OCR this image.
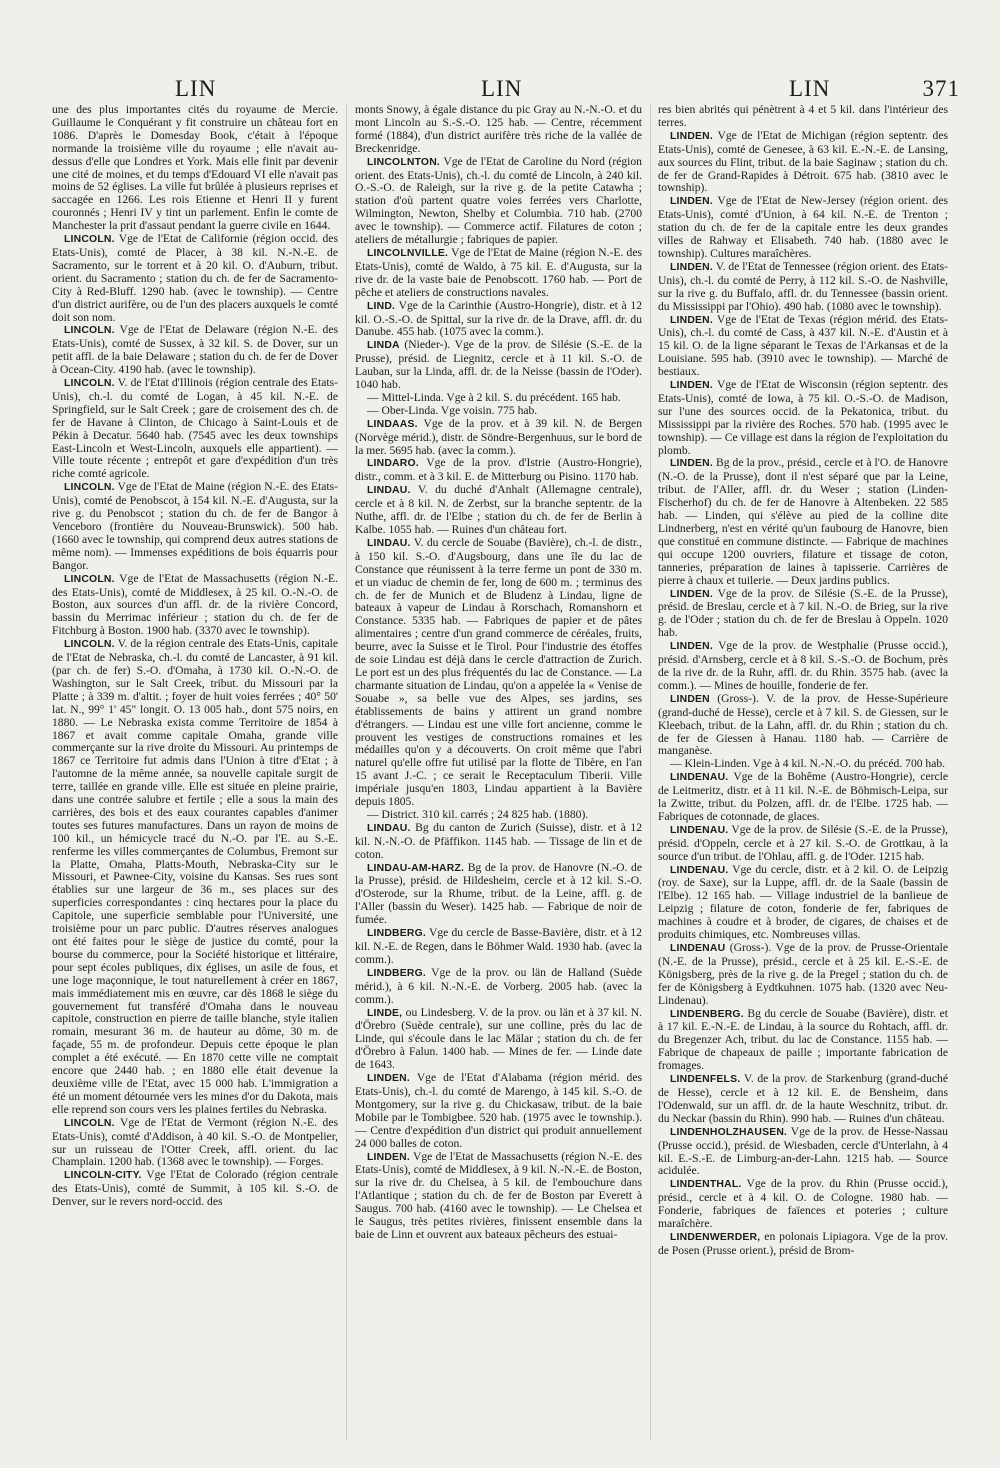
LIN	LIN	LIN	371

une des plus importantes cités du royaume de Mercie. Guillaume le Conquérant y fit construire un château fort en 1086. D'après le Domesday Book, c'était à l'époque normande la troisième ville du royaume ; elle n'avait au-dessus d'elle que Londres et York. Mais elle finit par devenir une cité de moines, et du temps d'Edouard VI elle n'avait pas moins de 52 églises. La ville fut brûlée à plusieurs reprises et saccagée en 1266. Les rois Etienne et Henri II y furent couronnés ; Henri IV y tint un parlement. Enfin le comte de Manchester la prit d'assaut pendant la guerre civile en 1644.

LINCOLN. Vge de l'Etat de Californie (région occid. des Etats-Unis), comté de Placer, à 38 kil. N.-N.-E. de Sacramento, sur le torrent et à 20 kil. O. d'Auburn, tribut. orient. du Sacramento ; station du ch. de fer de Sacramento-City à Red-Bluff. 1290 hab. (avec le township). — Centre d'un district aurifère, ou de l'un des placers auxquels le comté doit son nom.

LINCOLN. Vge de l'Etat de Delaware (région N.-E. des Etats-Unis), comté de Sussex, à 32 kil. S. de Dover, sur un petit affl. de la baie Delaware ; station du ch. de fer de Dover à Ocean-City. 4190 hab. (avec le township).

LINCOLN. V. de l'Etat d'Illinois (région centrale des Etats-Unis), ch.-l. du comté de Logan, à 45 kil. N.-E. de Springfield, sur le Salt Creek ; gare de croisement des ch. de fer de Havane à Clinton, de Chicago à Saint-Louis et de Pékin à Decatur. 5640 hab. (7545 avec les deux townships East-Lincoln et West-Lincoln, auxquels elle appartient). — Ville toute récente ; entrepôt et gare d'expédition d'un très riche comté agricole.

LINCOLN. Vge de l'Etat de Maine (région N.-E. des Etats-Unis), comté de Penobscot, à 154 kil. N.-E. d'Augusta, sur la rive g. du Penobscot ; station du ch. de fer de Bangor à Venceboro (frontière du Nouveau-Brunswick). 500 hab. (1660 avec le township, qui comprend deux autres stations de même nom). — Immenses expéditions de bois équarris pour Bangor.

LINCOLN. Vge de l'Etat de Massachusetts (région N.-E. des Etats-Unis), comté de Middlesex, à 25 kil. O.-N.-O. de Boston, aux sources d'un affl. dr. de la rivière Concord, bassin du Merrimac inférieur ; station du ch. de fer de Fitchburg à Boston. 1900 hab. (3370 avec le township).

LINCOLN. V. de la région centrale des Etats-Unis, capitale de l'Etat de Nebraska, ch.-l. du comté de Lancaster, à 91 kil. (par ch. de fer) S.-O. d'Omaha, à 1730 kil. O.-N.-O. de Washington, sur le Salt Creek, tribut. du Missouri par la Platte ; à 339 m. d'altit. ; foyer de huit voies ferrées ; 40° 50' lat. N., 99° 1' 45" longit. O. 13 005 hab., dont 575 noirs, en 1880. — Le Nebraska exista comme Territoire de 1854 à 1867 et avait comme capitale Omaha, grande ville commerçante sur la rive droite du Missouri. Au printemps de 1867 ce Territoire fut admis dans l'Union à titre d'Etat ; à l'automne de la même année, sa nouvelle capitale surgit de terre, taillée en grande ville. Elle est située en pleine prairie, dans une contrée salubre et fertile ; elle a sous la main des carrières, des bois et des eaux courantes capables d'animer toutes ses futures manufactures. Dans un rayon de moins de 100 kil., un hémicycle tracé du N.-O. par l'E. au S.-E. renferme les villes commerçantes de Columbus, Fremont sur la Platte, Omaha, Platts-Mouth, Nebraska-City sur le Missouri, et Pawnee-City, voisine du Kansas. Ses rues sont établies sur une largeur de 36 m., ses places sur des superficies correspondantes : cinq hectares pour la place du Capitole, une superficie semblable pour l'Université, une troisième pour un parc public. D'autres réserves analogues ont été faites pour le siège de justice du comté, pour la bourse du commerce, pour la Société historique et littéraire, pour sept écoles publiques, dix églises, un asile de fous, et une loge maçonnique, le tout naturellement à créer en 1867, mais immédiatement mis en œuvre, car dès 1868 le siège du gouvernement fut transféré d'Omaha dans le nouveau capitole, construction en pierre de taille blanche, style italien romain, mesurant 36 m. de hauteur au dôme, 30 m. de façade, 55 m. de profondeur. Depuis cette époque le plan complet a été exécuté. — En 1870 cette ville ne comptait encore que 2440 hab. ; en 1880 elle était devenue la deuxième ville de l'Etat, avec 15 000 hab. L'immigration a été un moment détournée vers les mines d'or du Dakota, mais elle reprend son cours vers les plaines fertiles du Nebraska.

LINCOLN. Vge de l'Etat de Vermont (région N.-E. des Etats-Unis), comté d'Addison, à 40 kil. S.-O. de Montpelier, sur un ruisseau de l'Otter Creek, affl. orient. du lac Champlain. 1200 hab. (1368 avec le township). — Forges.

LINCOLN-CITY. Vge l'Etat de Colorado (région centrale des Etats-Unis), comté de Summit, à 105 kil. S.-O. de Denver, sur le revers nord-occid. des

monts Snowy, à égale distance du pic Gray au N.-N.-O. et du mont Lincoln au S.-S.-O. 125 hab. — Centre, récemment formé (1884), d'un district aurifère très riche de la vallée de Breckenridge.

LINCOLNTON. Vge de l'Etat de Caroline du Nord (région orient. des Etats-Unis), ch.-l. du comté de Lincoln, à 240 kil. O.-S.-O. de Raleigh, sur la rive g. de la petite Catawha ; station d'où partent quatre voies ferrées vers Charlotte, Wilmington, Newton, Shelby et Columbia. 710 hab. (2700 avec le township). — Commerce actif. Filatures de coton ; ateliers de métallurgie ; fabriques de papier.

LINCOLNVILLE. Vge de l'Etat de Maine (région N.-E. des Etats-Unis), comté de Waldo, à 75 kil. E. d'Augusta, sur la rive dr. de la vaste baie de Penobscott. 1760 hab. — Port de pêche et ateliers de constructions navales.

LIND. Vge de la Carinthie (Austro-Hongrie), distr. et à 12 kil. O.-S.-O. de Spittal, sur la rive dr. de la Drave, affl. dr. du Danube. 455 hab. (1075 avec la comm.).

LINDA (Nieder-). Vge de la prov. de Silésie (S.-E. de la Prusse), présid. de Liegnitz, cercle et à 11 kil. S.-O. de Lauban, sur la Linda, affl. dr. de la Neisse (bassin de l'Oder). 1040 hab.

— Mittel-Linda. Vge à 2 kil. S. du précédent. 165 hab.

— Ober-Linda. Vge voisin. 775 hab.

LINDAAS. Vge de la prov. et à 39 kil. N. de Bergen (Norvège mérid.), distr. de Söndre-Bergenhuus, sur le bord de la mer. 5695 hab. (avec la comm.).

LINDARO. Vge de la prov. d'Istrie (Austro-Hongrie), distr., comm. et à 3 kil. E. de Mitterburg ou Pisino. 1170 hab.

LINDAU. V. du duché d'Anhalt (Allemagne centrale), cercle et à 8 kil. N. de Zerbst, sur la branche septentr. de la Nuthe, affl. dr. de l'Elbe ; station du ch. de fer de Berlin à Kalbe. 1055 hab. — Ruines d'un château fort.

LINDAU. V. du cercle de Souabe (Bavière), ch.-l. de distr., à 150 kil. S.-O. d'Augsbourg, dans une île du lac de Constance que réunissent à la terre ferme un pont de 330 m. et un viaduc de chemin de fer, long de 600 m. ; terminus des ch. de fer de Munich et de Bludenz à Lindau, ligne de bateaux à vapeur de Lindau à Rorschach, Romanshorn et Constance. 5335 hab. — Fabriques de papier et de pâtes alimentaires ; centre d'un grand commerce de céréales, fruits, beurre, avec la Suisse et le Tirol. Pour l'industrie des étoffes de soie Lindau est déjà dans le cercle d'attraction de Zurich. Le port est un des plus fréquentés du lac de Constance. — La charmante situation de Lindau, qu'on a appelée la « Venise de Souabe », sa belle vue des Alpes, ses jardins, ses établissements de bains y attirent un grand nombre d'étrangers. — Lindau est une ville fort ancienne, comme le prouvent les vestiges de constructions romaines et les médailles qu'on y a découverts. On croit même que l'abri naturel qu'elle offre fut utilisé par la flotte de Tibère, en l'an 15 avant J.-C. ; ce serait le Receptaculum Tiberii. Ville impériale jusqu'en 1803, Lindau appartient à la Bavière depuis 1805.

— District. 310 kil. carrés ; 24 825 hab. (1880).

LINDAU. Bg du canton de Zurich (Suisse), distr. et à 12 kil. N.-N.-O. de Pfäffikon. 1145 hab. — Tissage de lin et de coton.

LINDAU-AM-HARZ. Bg de la prov. de Hanovre (N.-O. de la Prusse), présid. de Hildesheim, cercle et à 12 kil. S.-O. d'Osterode, sur la Rhume, tribut. de la Leine, affl. g. de l'Aller (bassin du Weser). 1425 hab. — Fabrique de noir de fumée.

LINDBERG. Vge du cercle de Basse-Bavière, distr. et à 12 kil. N.-E. de Regen, dans le Böhmer Wald. 1930 hab. (avec la comm.).

LINDBERG. Vge de la prov. ou län de Halland (Suède mérid.), à 6 kil. N.-N.-E. de Vorberg. 2005 hab. (avec la comm.).

LINDE, ou Lindesberg. V. de la prov. ou län et à 37 kil. N. d'Örebro (Suède centrale), sur une colline, près du lac de Linde, qui s'écoule dans le lac Mälar ; station du ch. de fer d'Örebro à Falun. 1400 hab. — Mines de fer. — Linde date de 1643.

LINDEN. Vge de l'Etat d'Alabama (région mérid. des Etats-Unis), ch.-l. du comté de Marengo, à 145 kil. S.-O. de Montgomery, sur la rive g. du Chickasaw, tribut. de la baie Mobile par le Tombigbee. 520 hab. (1975 avec le township.). — Centre d'expédition d'un district qui produit annuellement 24 000 balles de coton.

LINDEN. Vge de l'Etat de Massachusetts (région N.-E. des Etats-Unis), comté de Middlesex, à 9 kil. N.-N.-E. de Boston, sur la rive dr. du Chelsea, à 5 kil. de l'embouchure dans l'Atlantique ; station du ch. de fer de Boston par Everett à Saugus. 700 hab. (4160 avec le township). — Le Chelsea et le Saugus, très petites rivières, finissent ensemble dans la baie de Linn et ouvrent aux bateaux pêcheurs des estuai-

res bien abrités qui pénètrent à 4 et 5 kil. dans l'intérieur des terres.

LINDEN. Vge de l'Etat de Michigan (région septentr. des Etats-Unis), comté de Genesee, à 63 kil. E.-N.-E. de Lansing, aux sources du Flint, tribut. de la baie Saginaw ; station du ch. de fer de Grand-Rapides à Détroit. 675 hab. (3810 avec le township).

LINDEN. Vge de l'Etat de New-Jersey (région orient. des Etats-Unis), comté d'Union, à 64 kil. N.-E. de Trenton ; station du ch. de fer de la capitale entre les deux grandes villes de Rahway et Elisabeth. 740 hab. (1880 avec le township). Cultures maraîchères.

LINDEN. V. de l'Etat de Tennessee (région orient. des Etats-Unis), ch.-l. du comté de Perry, à 112 kil. S.-O. de Nashville, sur la rive g. du Buffalo, affl. dr. du Tennessee (bassin orient. du Mississippi par l'Ohio). 490 hab. (1080 avec le township).

LINDEN. Vge de l'Etat de Texas (région mérid. des Etats-Unis), ch.-l. du comté de Cass, à 437 kil. N.-E. d'Austin et à 15 kil. O. de la ligne séparant le Texas de l'Arkansas et de la Louisiane. 595 hab. (3910 avec le township). — Marché de bestiaux.

LINDEN. Vge de l'Etat de Wisconsin (région septentr. des Etats-Unis), comté de Iowa, à 75 kil. O.-S.-O. de Madison, sur l'une des sources occid. de la Pekatonica, tribut. du Mississippi par la rivière des Roches. 570 hab. (1995 avec le township). — Ce village est dans la région de l'exploitation du plomb.

LINDEN. Bg de la prov., présid., cercle et à l'O. de Hanovre (N.-O. de la Prusse), dont il n'est séparé que par la Leine, tribut. de l'Aller, affl. dr. du Weser ; station (Linden-Fischerhof) du ch. de fer de Hanovre à Altenbeken. 22 585 hab. — Linden, qui s'élève au pied de la colline dite Lindnerberg, n'est en vérité qu'un faubourg de Hanovre, bien que constitué en commune distincte. — Fabrique de machines qui occupe 1200 ouvriers, filature et tissage de coton, tanneries, préparation de laines à tapisserie. Carrières de pierre à chaux et tuilerie. — Deux jardins publics.

LINDEN. Vge de la prov. de Silésie (S.-E. de la Prusse), présid. de Breslau, cercle et à 7 kil. N.-O. de Brieg, sur la rive g. de l'Oder ; station du ch. de fer de Breslau à Oppeln. 1020 hab.

LINDEN. Vge de la prov. de Westphalie (Prusse occid.), présid. d'Arnsberg, cercle et à 8 kil. S.-S.-O. de Bochum, près de la rive dr. de la Ruhr, affl. dr. du Rhin. 3575 hab. (avec la comm.). — Mines de houille, fonderie de fer.

LINDEN (Gross-). V. de la prov. de Hesse-Supérieure (grand-duché de Hesse), cercle et à 7 kil. S. de Giessen, sur le Kleebach, tribut. de la Lahn, affl. dr. du Rhin ; station du ch. de fer de Giessen à Hanau. 1180 hab. — Carrière de manganèse.

— Klein-Linden. Vge à 4 kil. N.-N.-O. du précéd. 700 hab.

LINDENAU. Vge de la Bohême (Austro-Hongrie), cercle de Leitmeritz, distr. et à 11 kil. N.-E. de Böhmisch-Leipa, sur la Zwitte, tribut. du Polzen, affl. dr. de l'Elbe. 1725 hab. — Fabriques de cotonnade, de glaces.

LINDENAU. Vge de la prov. de Silésie (S.-E. de la Prusse), présid. d'Oppeln, cercle et à 27 kil. S.-O. de Grottkau, à la source d'un tribut. de l'Ohlau, affl. g. de l'Oder. 1215 hab.

LINDENAU. Vge du cercle, distr. et à 2 kil. O. de Leipzig (roy. de Saxe), sur la Luppe, affl. dr. de la Saale (bassin de l'Elbe). 12 165 hab. — Village industriel de la banlieue de Leipzig ; filature de coton, fonderie de fer, fabriques de machines à coudre et à broder, de cigares, de chaises et de produits chimiques, etc. Nombreuses villas.

LINDENAU (Gross-). Vge de la prov. de Prusse-Orientale (N.-E. de la Prusse), présid., cercle et à 25 kil. E.-S.-E. de Königsberg, près de la rive g. de la Pregel ; station du ch. de fer de Königsberg à Eydtkuhnen. 1075 hab. (1320 avec Neu-Lindenau).

LINDENBERG. Bg du cercle de Souabe (Bavière), distr. et à 17 kil. E.-N.-E. de Lindau, à la source du Rohtach, affl. dr. du Bregenzer Ach, tribut. du lac de Constance. 1155 hab. — Fabrique de chapeaux de paille ; importante fabrication de fromages.

LINDENFELS. V. de la prov. de Starkenburg (grand-duché de Hesse), cercle et à 12 kil. E. de Bensheim, dans l'Odenwald, sur un affl. dr. de la haute Weschnitz, tribut. dr. du Neckar (bassin du Rhin). 990 hab. — Ruines d'un château.

LINDENHOLZHAUSEN. Vge de la prov. de Hesse-Nassau (Prusse occid.), présid. de Wiesbaden, cercle d'Unterlahn, à 4 kil. E.-S.-E. de Limburg-an-der-Lahn. 1215 hab. — Source acidulée.

LINDENTHAL. Vge de la prov. du Rhin (Prusse occid.), présid., cercle et à 4 kil. O. de Cologne. 1980 hab. — Fonderie, fabriques de faïences et poteries ; culture maraîchère.

LINDENWERDER, en polonais Lipiagora. Vge de la prov. de Posen (Prusse orient.), présid de Brom-
